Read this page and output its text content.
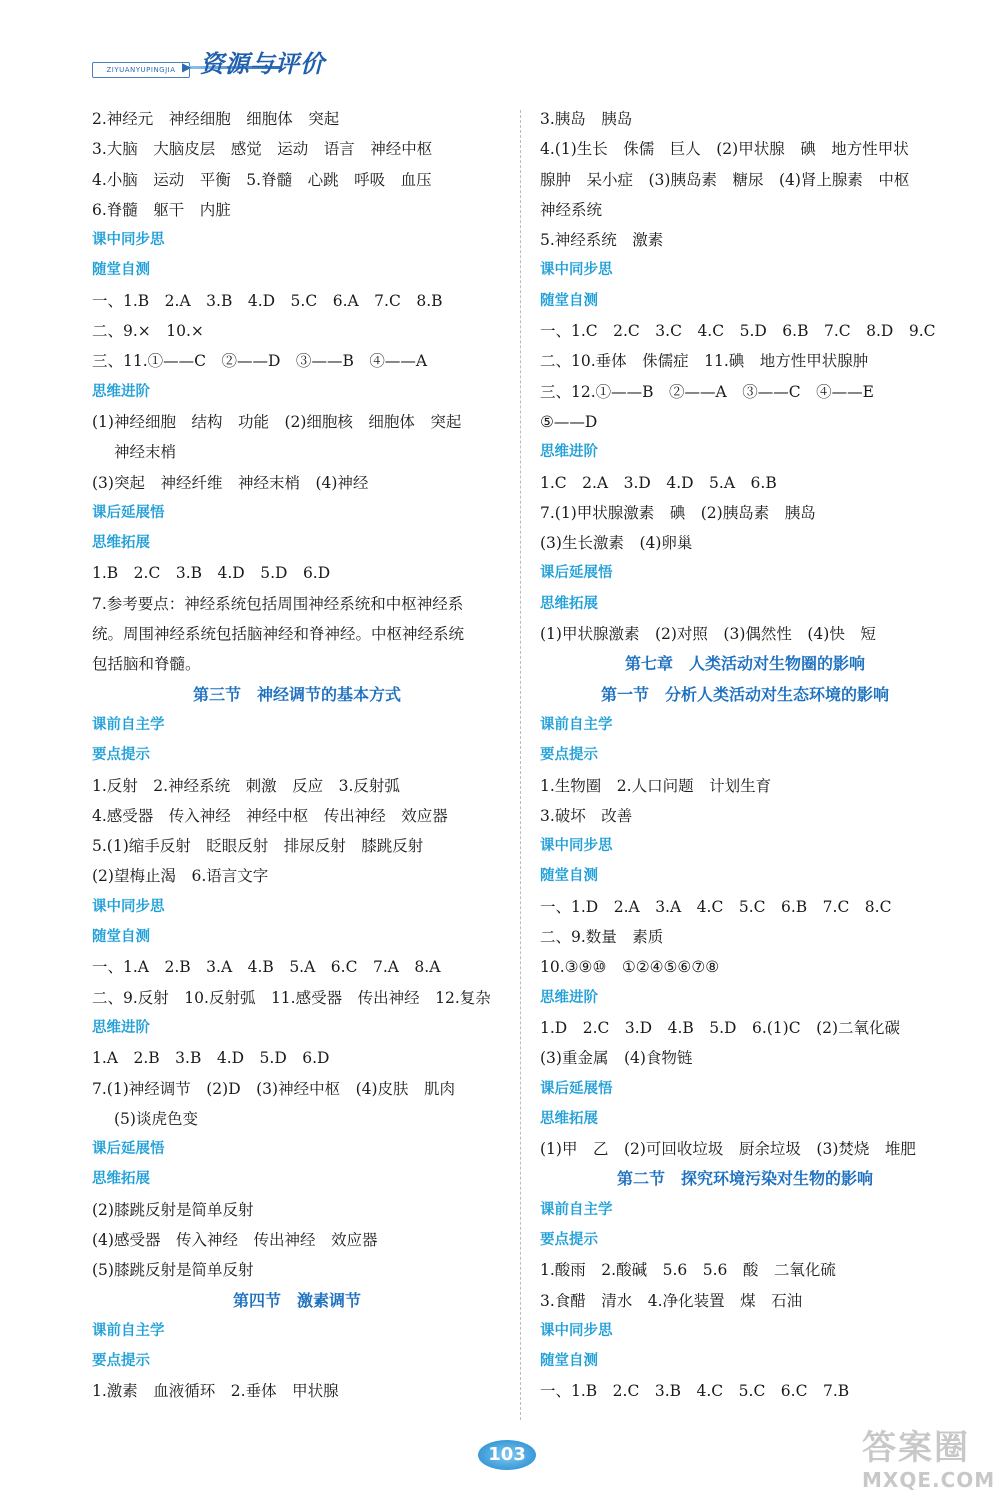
ZIYUANYUPINGJIA ▶ 资源与评价
2.神经元　神经细胞　细胞体　突起
3.大脑　大脑皮层　感觉　运动　语言　神经中枢
4.小脑　运动　平衡　5.脊髓　心跳　呼吸　血压
6.脊髓　躯干　内脏
课中同步思
随堂自测
一、1.B　2.A　3.B　4.D　5.C　6.A　7.C　8.B
二、9.×　10.×
三、11.①——C　②——D　③——B　④——A
思维进阶
(1)神经细胞　结构　功能　(2)细胞核　细胞体　突起
神经末梢
(3)突起　神经纤维　神经末梢　(4)神经
课后延展悟
思维拓展
1.B　2.C　3.B　4.D　5.D　6.D
7.参考要点：神经系统包括周围神经系统和中枢神经系
统。周围神经系统包括脑神经和脊神经。中枢神经系统
包括脑和脊髓。
第三节　神经调节的基本方式
课前自主学
要点提示
1.反射　2.神经系统　刺激　反应　3.反射弧
4.感受器　传入神经　神经中枢　传出神经　效应器
5.(1)缩手反射　眨眼反射　排尿反射　膝跳反射
(2)望梅止渴　6.语言文字
课中同步思
随堂自测
一、1.A　2.B　3.A　4.B　5.A　6.C　7.A　8.A
二、9.反射　10.反射弧　11.感受器　传出神经　12.复杂
思维进阶
1.A　2.B　3.B　4.D　5.D　6.D
7.(1)神经调节　(2)D　(3)神经中枢　(4)皮肤　肌肉
(5)谈虎色变
课后延展悟
思维拓展
(2)膝跳反射是简单反射
(4)感受器　传入神经　传出神经　效应器
(5)膝跳反射是简单反射
第四节　激素调节
课前自主学
要点提示
1.激素　血液循环　2.垂体　甲状腺
3.胰岛　胰岛
4.(1)生长　侏儒　巨人　(2)甲状腺　碘　地方性甲状
腺肿　呆小症　(3)胰岛素　糖尿　(4)肾上腺素　中枢
神经系统
5.神经系统　激素
课中同步思
随堂自测
一、1.C　2.C　3.C　4.C　5.D　6.B　7.C　8.D　9.C
二、10.垂体　侏儒症　11.碘　地方性甲状腺肿
三、12.①——B　②——A　③——C　④——E
⑤——D
思维进阶
1.C　2.A　3.D　4.D　5.A　6.B
7.(1)甲状腺激素　碘　(2)胰岛素　胰岛
(3)生长激素　(4)卵巢
课后延展悟
思维拓展
(1)甲状腺激素　(2)对照　(3)偶然性　(4)快　短
第七章　人类活动对生物圈的影响
第一节　分析人类活动对生态环境的影响
课前自主学
要点提示
1.生物圈　2.人口问题　计划生育
3.破坏　改善
课中同步思
随堂自测
一、1.D　2.A　3.A　4.C　5.C　6.B　7.C　8.C
二、9.数量　素质
10.③⑨⑩　①②④⑤⑥⑦⑧
思维进阶
1.D　2.C　3.D　4.B　5.D　6.(1)C　(2)二氧化碳
(3)重金属　(4)食物链
课后延展悟
思维拓展
(1)甲　乙　(2)可回收垃圾　厨余垃圾　(3)焚烧　堆肥
第二节　探究环境污染对生物的影响
课前自主学
要点提示
1.酸雨　2.酸碱　5.6　5.6　酸　二氧化硫
3.食醋　清水　4.净化装置　煤　石油
课中同步思
随堂自测
一、1.B　2.C　3.B　4.C　5.C　6.C　7.B
103	答案圈
MXQE.COM
